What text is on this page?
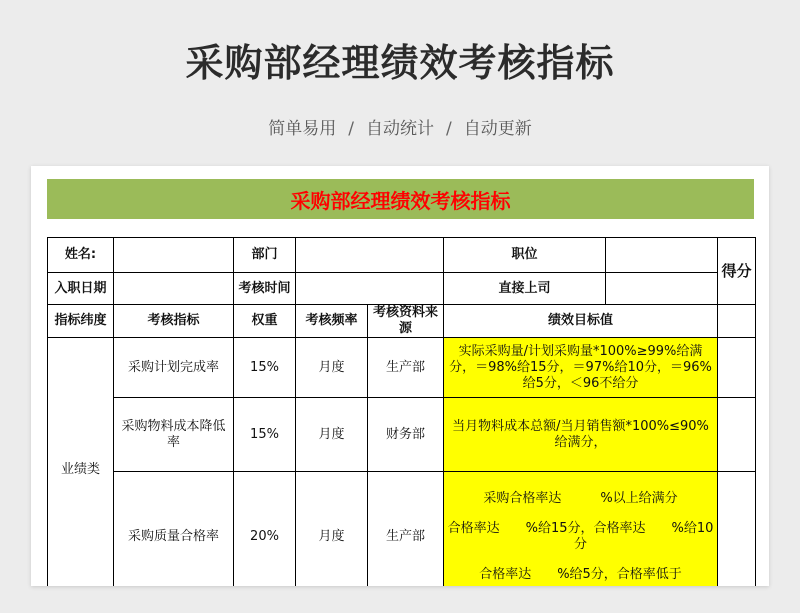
采购部经理绩效考核指标
简单易用 / 自动统计 / 自动更新
采购部经理绩效考核指标
姓名:		部门			职位		得分
入职日期		考核时间			直接上司		
指标纬度	考核指标	权重	考核频率	考核资料来源	绩效目标值		
业绩类	采购计划完成率	15%	月度	生产部	实际采购量/计划采购量*100%≥99%给满分，＝98%给15分，＝97%给10分，＝96%给5分，＜96不给分		

	采购物料成本降低率	15%	月度	财务部	当月物料成本总额/当月销售额*100%≤90%给满分，		

	采购质量合格率	20%	月度	生产部	采购合格率达　　　%以上给满分
合格率达　　%给15分，合格率达　　%给10分
合格率达　　%给5分，合格率低于		
